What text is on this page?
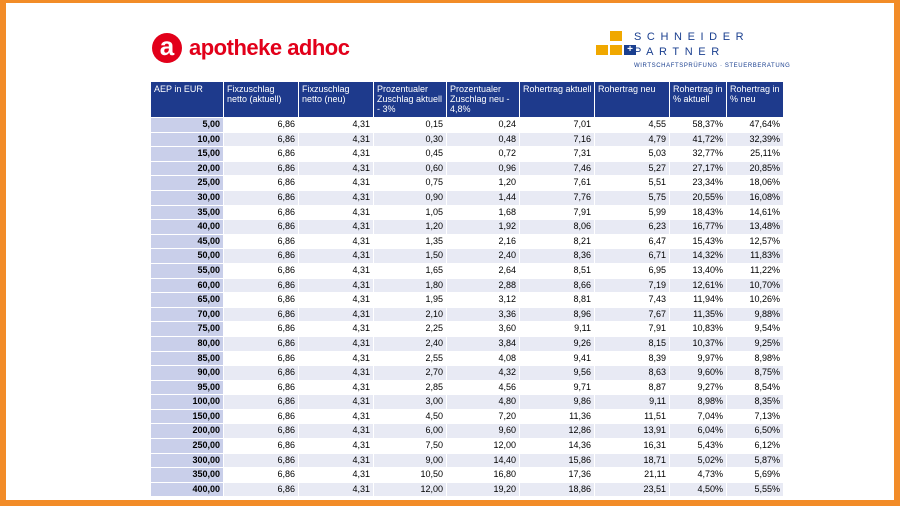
a apotheke adhoc	+
SCHNEIDER
PARTNER
WIRTSCHAFTSPRÜFUNG · STEUERBERATUNG
AEP in EUR	Fixzuschlag netto (aktuell)	Fixzuschlag netto (neu)	Prozentualer Zuschlag aktuell - 3%	Prozentualer Zuschlag neu - 4,8%	Rohertrag aktuell	Rohertrag neu	Rohertrag in % aktuell	Rohertrag in % neu
5,00	6,86	4,31	0,15	0,24	7,01	4,55	58,37%	47,64%
10,00	6,86	4,31	0,30	0,48	7,16	4,79	41,72%	32,39%
15,00	6,86	4,31	0,45	0,72	7,31	5,03	32,77%	25,11%
20,00	6,86	4,31	0,60	0,96	7,46	5,27	27,17%	20,85%
25,00	6,86	4,31	0,75	1,20	7,61	5,51	23,34%	18,06%
30,00	6,86	4,31	0,90	1,44	7,76	5,75	20,55%	16,08%
35,00	6,86	4,31	1,05	1,68	7,91	5,99	18,43%	14,61%
40,00	6,86	4,31	1,20	1,92	8,06	6,23	16,77%	13,48%
45,00	6,86	4,31	1,35	2,16	8,21	6,47	15,43%	12,57%
50,00	6,86	4,31	1,50	2,40	8,36	6,71	14,32%	11,83%
55,00	6,86	4,31	1,65	2,64	8,51	6,95	13,40%	11,22%
60,00	6,86	4,31	1,80	2,88	8,66	7,19	12,61%	10,70%
65,00	6,86	4,31	1,95	3,12	8,81	7,43	11,94%	10,26%
70,00	6,86	4,31	2,10	3,36	8,96	7,67	11,35%	9,88%
75,00	6,86	4,31	2,25	3,60	9,11	7,91	10,83%	9,54%
80,00	6,86	4,31	2,40	3,84	9,26	8,15	10,37%	9,25%
85,00	6,86	4,31	2,55	4,08	9,41	8,39	9,97%	8,98%
90,00	6,86	4,31	2,70	4,32	9,56	8,63	9,60%	8,75%
95,00	6,86	4,31	2,85	4,56	9,71	8,87	9,27%	8,54%
100,00	6,86	4,31	3,00	4,80	9,86	9,11	8,98%	8,35%
150,00	6,86	4,31	4,50	7,20	11,36	11,51	7,04%	7,13%
200,00	6,86	4,31	6,00	9,60	12,86	13,91	6,04%	6,50%
250,00	6,86	4,31	7,50	12,00	14,36	16,31	5,43%	6,12%
300,00	6,86	4,31	9,00	14,40	15,86	18,71	5,02%	5,87%
350,00	6,86	4,31	10,50	16,80	17,36	21,11	4,73%	5,69%
400,00	6,86	4,31	12,00	19,20	18,86	23,51	4,50%	5,55%
